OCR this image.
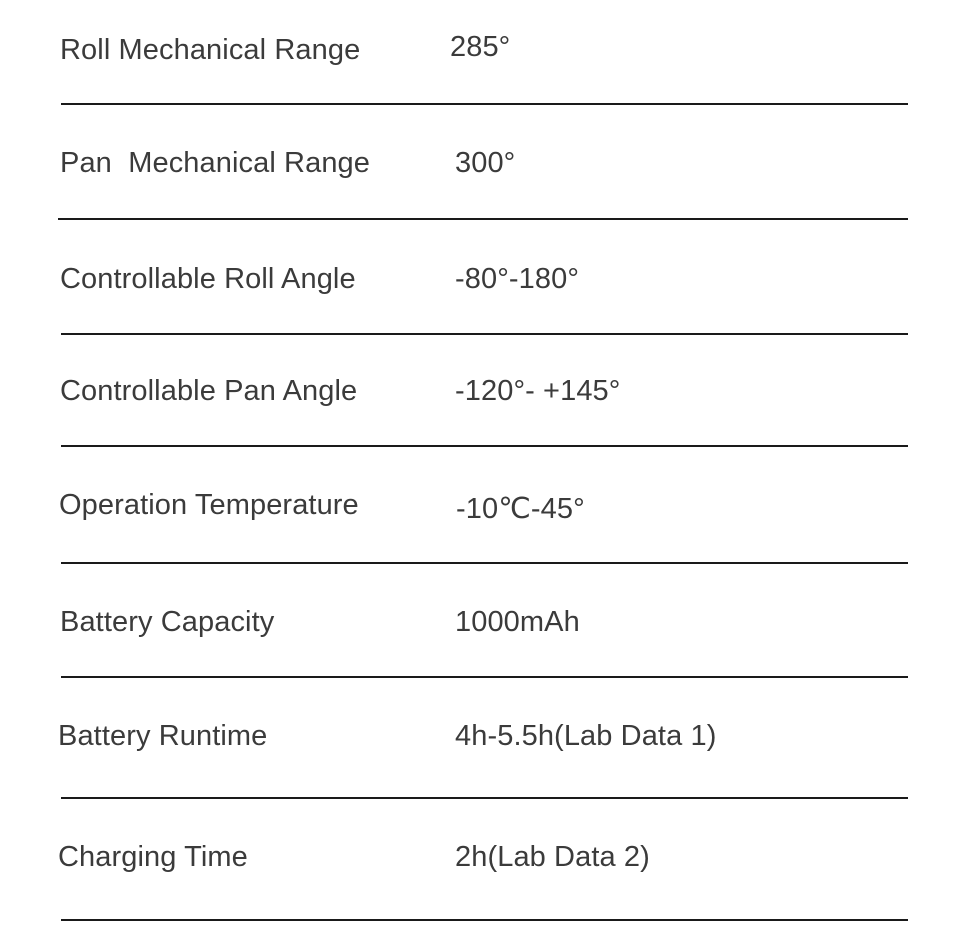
Roll Mechanical Range	285°
Pan  Mechanical Range	300°
Controllable Roll Angle	-80°-180°
Controllable Pan Angle	-120°- +145°
Operation Temperature	-10℃-45°
Battery Capacity	1000mAh
Battery Runtime	4h-5.5h(Lab Data 1)
Charging Time	2h(Lab Data 2)
